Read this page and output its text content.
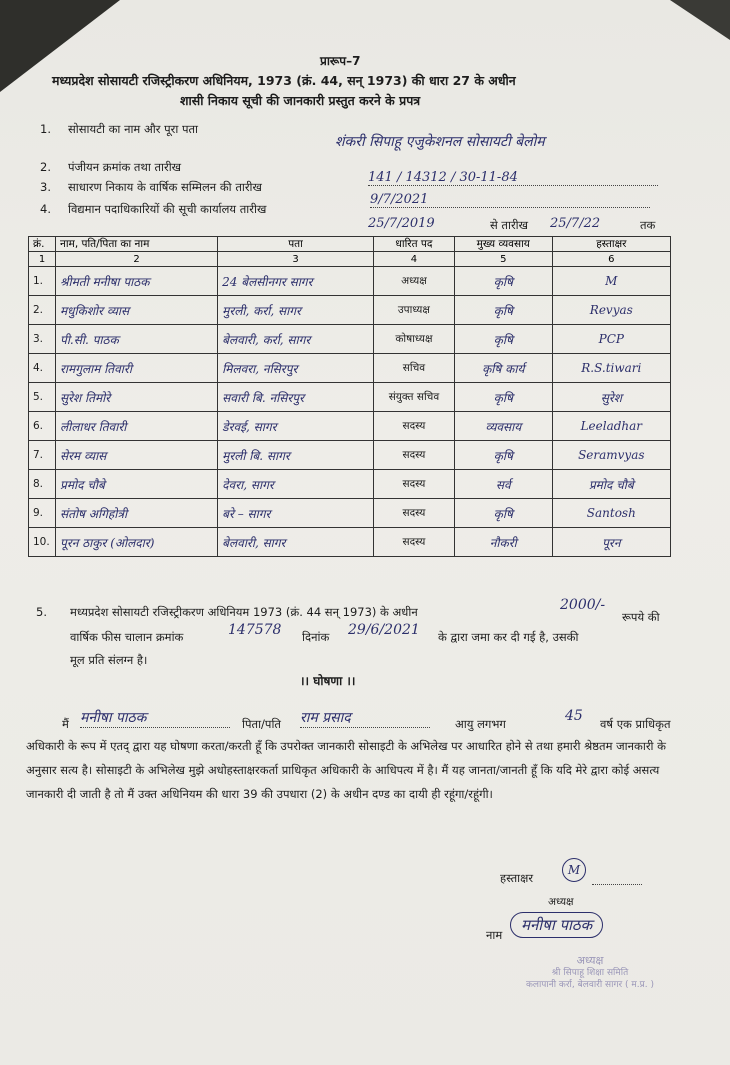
प्रारूप–7
मध्यप्रदेश सोसायटी रजिस्ट्रीकरण अधिनियम, 1973 (क्रं. 44, सन् 1973) की धारा 27 के अधीन
शासी निकाय सूची की जानकारी प्रस्तुत करने के प्रपत्र
1. सोसायटी का नाम और पूरा पता
शंकरी सिपाहू एजुकेशनल सोसायटी बेलोम
2. पंजीयन क्रमांक तथा तारीख
3. साधारण निकाय के वार्षिक सम्मिलन की तारीख
141 / 14312 / 30-11-84
4. विद्यमान पदाधिकारियों की सूची कार्यालय तारीख
9/7/2021
25/7/2019	से तारीख 25/7/22	तक
क्रं.	नाम, पति/पिता का नाम	पता	धारित पद	मुख्य व्यवसाय	हस्ताक्षर
1	2	3	4	5	6
1.	श्रीमती मनीषा पाठक	24 बेलसीनगर सागर	अध्यक्ष	कृषि	M
2.	मधुकिशोर व्यास	मुरली, कर्रा, सागर	उपाध्यक्ष	कृषि	Revyas
3.	पी.सी. पाठक	बेलवारी, कर्रा, सागर	कोषाध्यक्ष	कृषि	PCP
4.	रामगुलाम तिवारी	मिलवरा, नसिरपुर	सचिव	कृषि कार्य	R.S.tiwari
5.	सुरेश तिमोरे	सवारी बि. नसिरपुर	संयुक्त सचिव	कृषि	सुरेश
6.	लीलाधर तिवारी	डेरवई, सागर	सदस्य	व्यवसाय	Leeladhar
7.	सेरम व्यास	मुरली बि. सागर	सदस्य	कृषि	Seramvyas
8.	प्रमोद चौबे	देवरा, सागर	सदस्य	सर्व	प्रमोद चौबे
9.	संतोष अगिहोत्री	बरे – सागर	सदस्य	कृषि	Santosh
10.	पूरन ठाकुर (ओलदार)	बेलवारी, सागर	सदस्य	नौकरी	पूरन
5. मध्यप्रदेश सोसायटी रजिस्ट्रीकरण अधिनियम 1973 (क्रं. 44 सन् 1973) के अधीन	2000/-
रूपये की
वार्षिक फीस चालान क्रमांक	147578 दिनांक 29/6/2021 के द्वारा जमा कर दी गई है, उसकी
मूल प्रति संलग्न है।
।। घोषणा ।।
मैं मनीषा पाठक	पिता/पति राम प्रसाद	आयु लगभग	45 वर्ष एक प्राधिकृत
अधिकारी के रूप में एतद् द्वारा यह घोषणा करता/करती हूँ कि उपरोक्त जानकारी सोसाइटी के अभिलेख पर आधारित होने से तथा हमारी श्रेष्ठतम जानकारी के अनुसार सत्य है। सोसाइटी के अभिलेख मुझे अधोहस्ताक्षरकर्ता प्राधिकृत अधिकारी के आधिपत्य में है। मैं यह जानता/जानती हूँ कि यदि मेरे द्वारा कोई असत्य जानकारी दी जाती है तो मैं उक्त अधिनियम की धारा 39 की उपधारा (2) के अधीन दण्ड का दायी ही रहूंगा/रहूंगी।
हस्ताक्षर
M
अध्यक्ष
नाम
मनीषा पाठक
अध्यक्ष
श्री सिपाहू शिक्षा समिति
कलापानी कर्रा, बेलवारी सागर ( म.प्र. )
